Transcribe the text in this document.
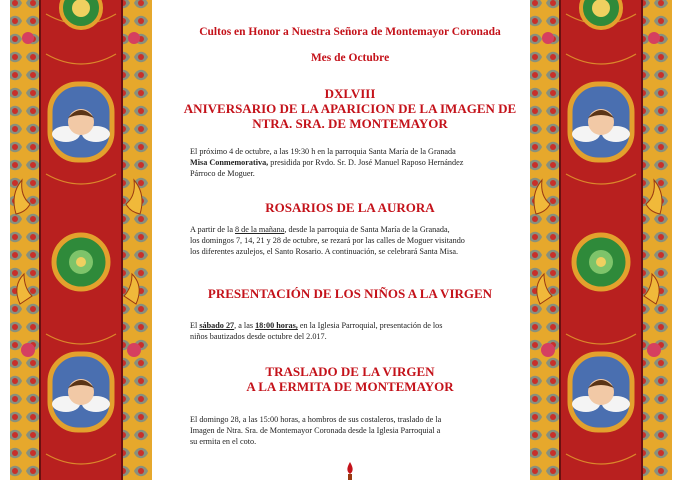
Cultos en Honor a Nuestra Señora de Montemayor Coronada

Mes de Octubre

DXLVIII
ANIVERSARIO DE LA APARICION DE LA IMAGEN DE
NTRA. SRA. DE MONTEMAYOR
El próximo 4 de octubre, a las 19:30 h en la parroquia Santa María de la Granada
Misa Conmemorativa, presidida por Rvdo. Sr. D. José Manuel Raposo Hernández
Párroco de Moguer.

ROSARIOS DE LA AURORA

A partir de la 8 de la mañana, desde la parroquia de Santa María de la Granada,
los domingos 7, 14, 21 y 28 de octubre, se rezará por las calles de Moguer visitando
los diferentes azulejos, el Santo Rosario. A continuación, se celebrará Santa Misa.

PRESENTACIÓN DE LOS NIÑOS A LA VIRGEN

El sábado 27, a las 18:00 horas, en la Iglesia Parroquial, presentación de los
niños bautizados desde octubre del 2.017.
TRASLADO DE LA VIRGEN
A LA ERMITA DE MONTEMAYOR
El domingo 28, a las 15:00 horas, a hombros de sus costaleros, traslado de la
Imagen de Ntra. Sra. de Montemayor Coronada desde la Iglesia Parroquial a
su ermita en el coto.
